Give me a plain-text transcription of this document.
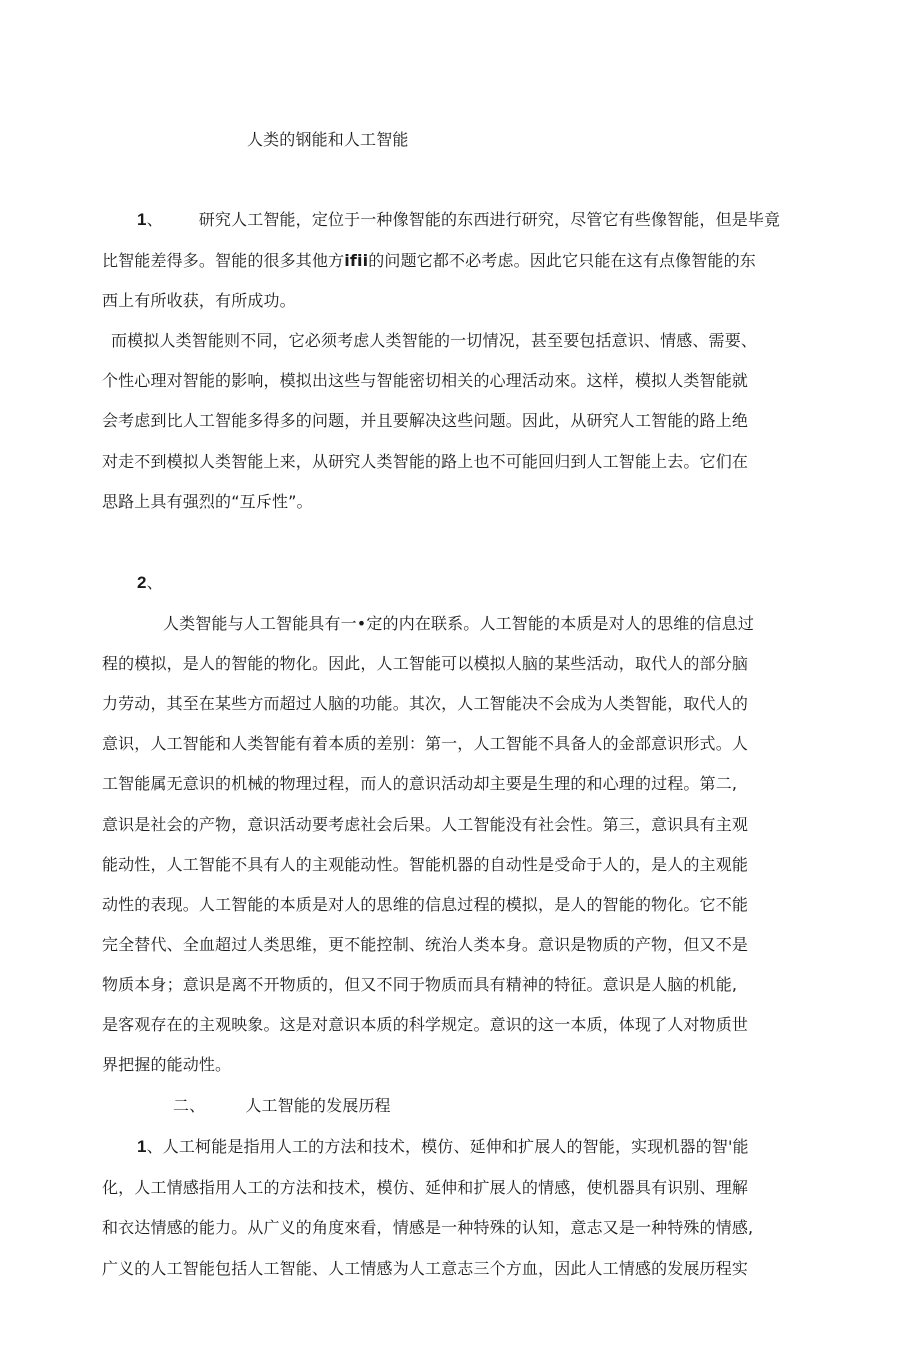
人类的钢能和人工智能

1、 研究人工智能，定位于一种像智能的东西进行研究，尽管它有些像智能，但是毕竟

比智能差得多。智能的很多其他方ifii的问题它都不必考虑。因此它只能在这有点像智能的东

西上有所收获，有所成功。

而模拟人类智能则不同，它必须考虑人类智能的一切情况，甚至要包括意识、情感、需要、

个性心理对智能的影响，模拟出这些与智能密切相关的心理活动來。这样，模拟人类智能就

会考虑到比人工智能多得多的问题，并且要解决这些问题。因此，从研究人工智能的路上绝

对走不到模拟人类智能上来，从研究人类智能的路上也不可能回归到人工智能上去。它们在

思路上具有强烈的“互斥性”。

2、

人类智能与人工智能具有一•定的内在联系。人工智能的本质是对人的思维的信息过

程的模拟，是人的智能的物化。因此，人工智能可以模拟人脑的某些活动，取代人的部分脑

力劳动，其至在某些方而超过人脑的功能。其次，人工智能决不会成为人类智能，取代人的

意识，人工智能和人类智能有着本质的差别：第一，人工智能不具备人的金部意识形式。人

工智能属无意识的机械的物理过程，而人的意识活动却主要是生理的和心理的过程。第二,

意识是社会的产物，意识活动要考虑社会后果。人工智能没有社会性。第三，意识具有主观

能动性，人工智能不具有人的主观能动性。智能机器的自动性是受命于人的，是人的主观能

动性的表现。人工智能的本质是对人的思维的信息过程的模拟，是人的智能的物化。它不能

完全替代、全血超过人类思维，更不能控制、统治人类本身。意识是物质的产物，但又不是

物质本身；意识是离不开物质的，但又不同于物质而具有精神的特征。意识是人脑的机能,

是客观存在的主观映象。这是对意识本质的科学规定。意识的这一本质，体现了人对物质世

界把握的能动性。

二、	人工智能的发展历程

1、人工柯能是指用人工的方法和技术，模仿、延伸和扩展人的智能，实现机器的智'能

化，人工情感指用人工的方法和技术，模仿、延伸和扩展人的情感，使机器具有识别、理解

和衣达情感的能力。从广义的角度來看，情感是一种特殊的认知，意志又是一种特殊的情感,

广义的人工智能包括人工智能、人工情感为人工意志三个方血，因此人工情感的发展历程实
